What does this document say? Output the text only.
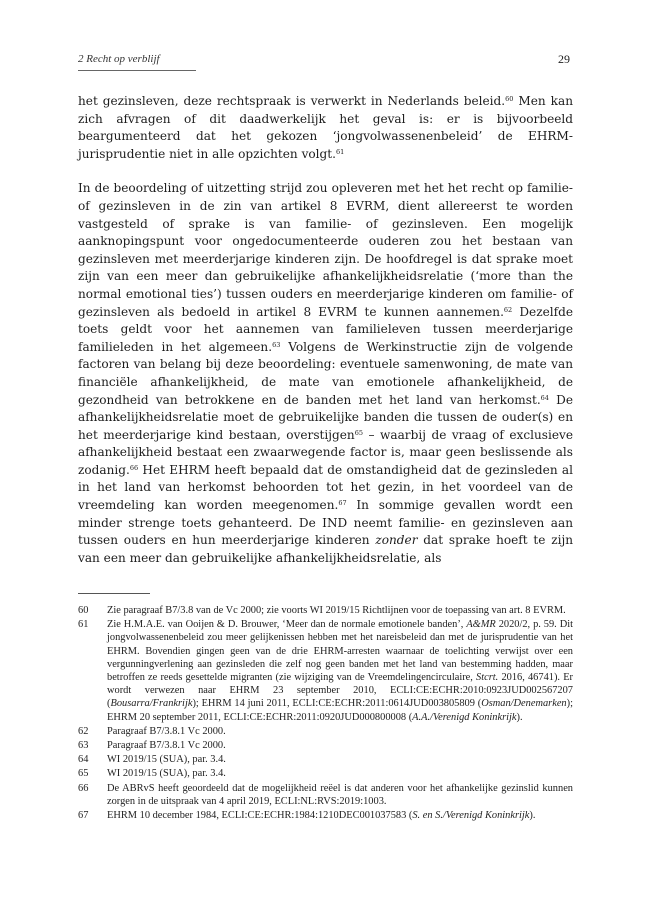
2 Recht op verblijf	29

het gezinsleven, deze rechtspraak is verwerkt in Nederlands beleid.$^{60}$ Men kan zich afvragen of dit daadwerkelijk het geval is: er is bijvoorbeeld beargumenteerd dat het gekozen ‘jongvolwassenenbeleid’ de EHRM-jurisprudentie niet in alle opzichten volgt.$^{61}$

In de beoordeling of uitzetting strijd zou opleveren met het het recht op familie- of gezinsleven in de zin van artikel 8 EVRM, dient allereerst te worden vastgesteld of sprake is van familie- of gezinsleven. Een mogelijk aanknopingspunt voor ongedocumenteerde ouderen zou het bestaan van gezinsleven met meerderjarige kinderen zijn. De hoofdregel is dat sprake moet zijn van een meer dan gebruikelijke afhankelijkheidsrelatie (‘more than the normal emotional ties’) tussen ouders en meerderjarige kinderen om familie- of gezinsleven als bedoeld in artikel 8 EVRM te kunnen aannemen.$^{62}$ Dezelfde toets geldt voor het aannemen van familieleven tussen meerderjarige familieleden in het algemeen.$^{63}$ Volgens de Werkinstructie zijn de volgende factoren van belang bij deze beoordeling: eventuele samenwoning, de mate van financiële afhankelijkheid, de mate van emotionele afhankelijkheid, de gezondheid van betrokkene en de banden met het land van herkomst.$^{64}$ De afhankelijkheidsrelatie moet de gebruikelijke banden die tussen de ouder(s) en het meerderjarige kind bestaan, overstijgen$^{65}$ – waarbij de vraag of exclusieve afhankelijkheid bestaat een zwaarwegende factor is, maar geen beslissende als zodanig.$^{66}$ Het EHRM heeft bepaald dat de omstandigheid dat de gezinsleden al in het land van herkomst behoorden tot het gezin, in het voordeel van de vreemdeling kan worden meegenomen.$^{67}$ In sommige gevallen wordt een minder strenge toets gehanteerd. De IND neemt familie- en gezinsleven aan tussen ouders en hun meerderjarige kinderen zonder dat sprake hoeft te zijn van een meer dan gebruikelijke afhankelijkheidsrelatie, als

60	Zie paragraaf B7/3.8 van de Vc 2000; zie voorts WI 2019/15 Richtlijnen voor de toepassing van art. 8 EVRM.
61	Zie H.M.A.E. van Ooijen & D. Brouwer, ‘Meer dan de normale emotionele banden’, A&MR 2020/2, p. 59. Dit jongvolwassenenbeleid zou meer gelijkenissen hebben met het nareisbeleid dan met de jurisprudentie van het EHRM. Bovendien gingen geen van de drie EHRM-arresten waarnaar de toelichting verwijst over een vergunningverlening aan gezinsleden die zelf nog geen banden met het land van bestemming hadden, maar betroffen ze reeds gesettelde migranten (zie wijziging van de Vreemdelingencirculaire, Stcrt. 2016, 46741). Er wordt verwezen naar EHRM 23 september 2010, ECLI:CE:ECHR:2010:0923JUD002567207 (Bousarra/Frankrijk); EHRM 14 juni 2011, ECLI:CE:ECHR:2011:0614JUD003805809 (Osman/Denemarken); EHRM 20 september 2011, ECLI:CE:ECHR:2011:0920JUD000800008 (A.A./Verenigd Koninkrijk).
62	Paragraaf B7/3.8.1 Vc 2000.
63	Paragraaf B7/3.8.1 Vc 2000.
64	WI 2019/15 (SUA), par. 3.4.
65	WI 2019/15 (SUA), par. 3.4.
66	De ABRvS heeft geoordeeld dat de mogelijkheid reëel is dat anderen voor het afhankelijke gezinslid kunnen zorgen in de uitspraak van 4 april 2019, ECLI:NL:RVS:2019:1003.
67	EHRM 10 december 1984, ECLI:CE:ECHR:1984:1210DEC001037583 (S. en S./Verenigd Koninkrijk).
